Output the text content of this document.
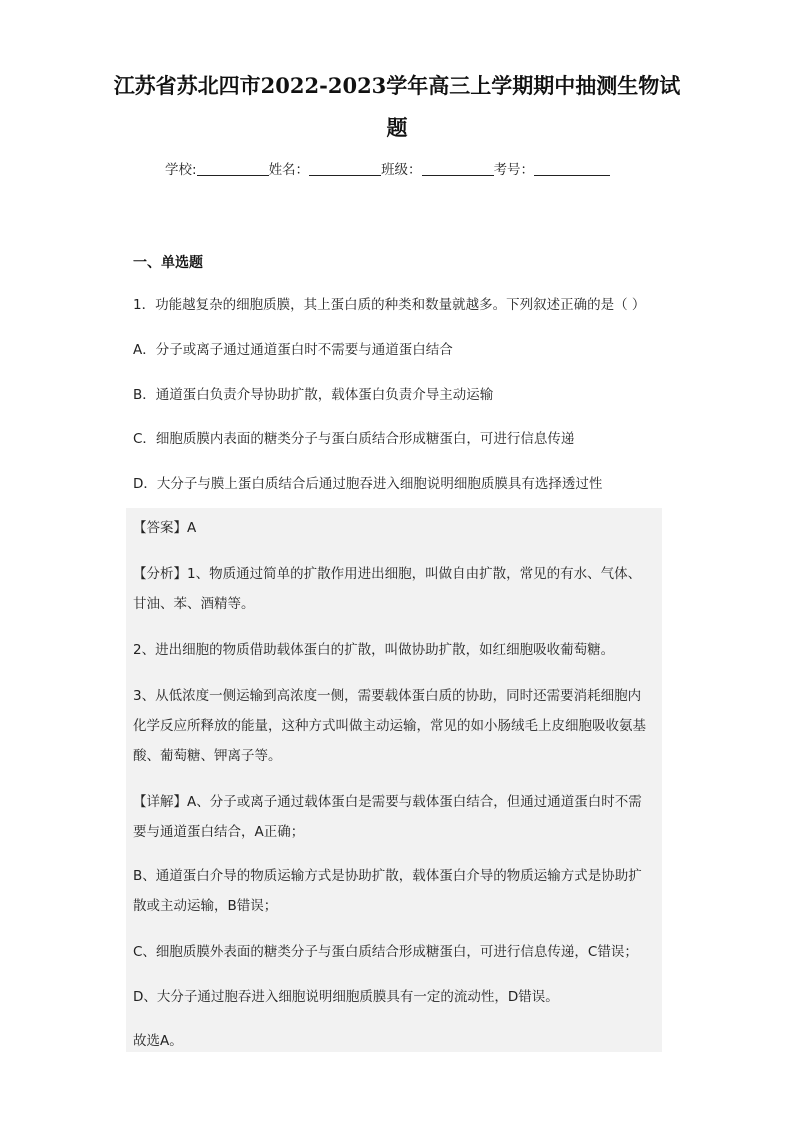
江苏省苏北四市2022-2023学年高三上学期期中抽测生物试
题
学校:	姓名：	班级：	考号：
一、单选题
1．功能越复杂的细胞质膜，其上蛋白质的种类和数量就越多。下列叙述正确的是（ ）
A．分子或离子通过通道蛋白时不需要与通道蛋白结合
B．通道蛋白负责介导协助扩散，载体蛋白负责介导主动运输
C．细胞质膜内表面的糖类分子与蛋白质结合形成糖蛋白，可进行信息传递
D．大分子与膜上蛋白质结合后通过胞吞进入细胞说明细胞质膜具有选择透过性
【答案】A
【分析】1、物质通过简单的扩散作用进出细胞，叫做自由扩散，常见的有水、气体、
甘油、苯、酒精等。
2、进出细胞的物质借助载体蛋白的扩散，叫做协助扩散，如红细胞吸收葡萄糖。
3、从低浓度一侧运输到高浓度一侧，需要载体蛋白质的协助，同时还需要消耗细胞内
化学反应所释放的能量，这种方式叫做主动运输，常见的如小肠绒毛上皮细胞吸收氨基
酸、葡萄糖、钾离子等。
【详解】A、分子或离子通过载体蛋白是需要与载体蛋白结合，但通过通道蛋白时不需
要与通道蛋白结合，A正确；
B、通道蛋白介导的物质运输方式是协助扩散，载体蛋白介导的物质运输方式是协助扩
散或主动运输，B错误；
C、细胞质膜外表面的糖类分子与蛋白质结合形成糖蛋白，可进行信息传递，C错误；
D、大分子通过胞吞进入细胞说明细胞质膜具有一定的流动性，D错误。
故选A。
